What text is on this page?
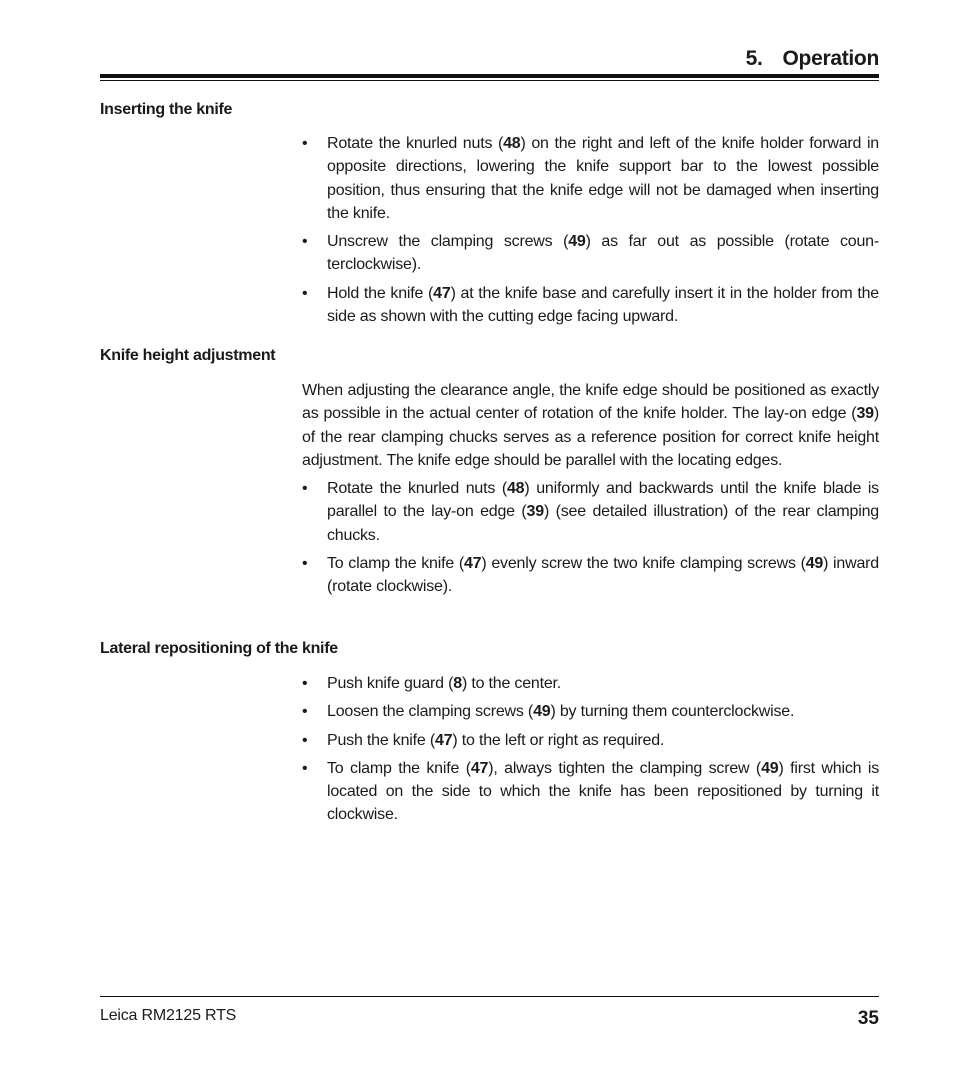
5. Operation
Inserting the knife
•	Rotate the knurled nuts (48) on the right and left of the knife holder forward in opposite directions, lowering the knife support bar to the lowest possible position, thus ensuring that the knife edge will not be damaged when inserting the knife.
•	Unscrew the clamping screws (49) as far out as possible (rotate coun-terclockwise).
•	Hold the knife (47) at the knife base and carefully insert it in the holder from the side as shown with the cutting edge facing upward.
Knife height adjustment

When adjusting the clearance angle, the knife edge should be positioned as exactly as possible in the actual center of rotation of the knife holder. The lay-on edge (39) of the rear clamping chucks serves as a reference position for correct knife height adjustment. The knife edge should be parallel with the locating edges.

•	Rotate the knurled nuts (48) uniformly and backwards until the knife blade is parallel to the lay-on edge (39) (see detailed illustration) of the rear clamping chucks.
•	To clamp the knife (47) evenly screw the two knife clamping screws (49) inward (rotate clockwise).
Lateral repositioning of the knife
•	Push knife guard (8) to the center.
•	Loosen the clamping screws (49) by turning them counterclockwise.
•	Push the knife (47) to the left or right as required.
•	To clamp the knife (47), always tighten the clamping screw (49) first which is located on the side to which the knife has been repositioned by turning it clockwise.
Leica RM2125 RTS	35
